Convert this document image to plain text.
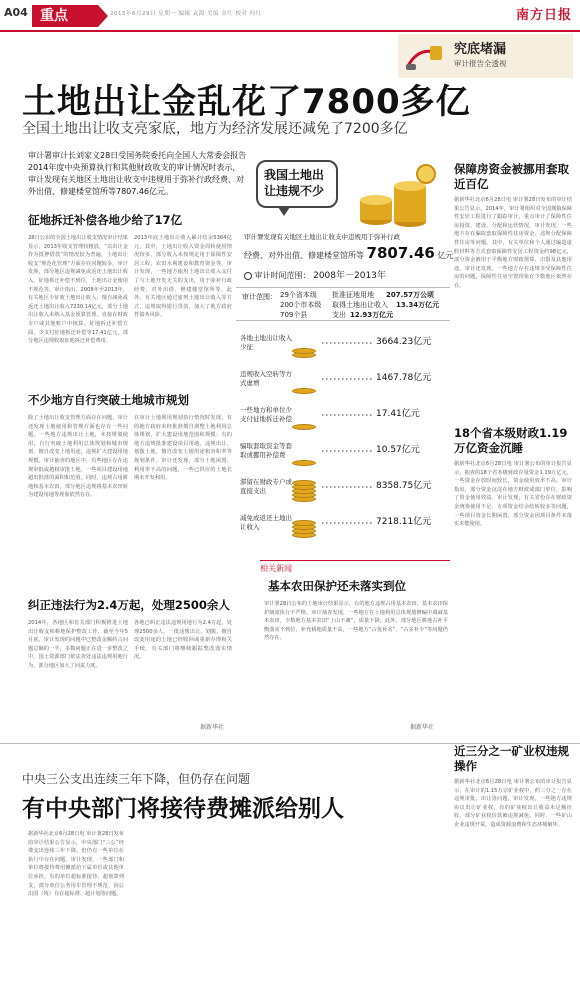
A04 重点	2015年6月29日 星期一 编辑 袁海 美编 金红 校对 何红	南方日报
究底堵漏
审计报告全透视
土地出让金乱花了7800多亿
全国土地出让收支亮家底，地方为经济发展还减免了7200多亿
审计署审计长刘家义28日受国务院委托向全国人大常委会报告2014年度中央预算执行和其他财政收支的审计情况时表示，审计发现有关地区土地出让收支中违规用于弥补行政经费、对外出借、修建楼堂馆所等7807.46亿元。
征地拆迁补偿各地少给了17亿
28日公布的全国土地出让收支情况审计结果显示，2013年收支管理较粗放，“以出让金作为抵押借款”的情况较为普遍，土地出让收支“规范化管理”方面存在问题较多。审计发现，部分地区违规减免或返还土地出让收入，征地拆迁补偿不到位，土地出让金使用不规范等。审计指出，2008年至2013年，有关地区少征收土地出让收入，擅自减免或返还土地出让收入7230.14亿元，部分土地出让收入未纳入基金预算管理，直接在财政专户或其他账户中核算。征地拆迁补偿方面，少支付征地拆迁补偿等17.41亿元，部分地区违规收取征地拆迁补偿费用。
2013年底土地出让收入累计结余5364亿元，其中，土地出让收入资金周转使用情况较多，部分收入未按规定用于保障性安居工程、农田水利建设和教育资金等。审计发现，一些地方使用土地出让收入支付了与土地开发无关的支出，用于弥补行政经费、对外出借、修建楼堂馆所等。此外，有关地区通过虚列土地出让收入等方式，违规取得银行贷款，加大了地方政府性债务风险。
不少地方自行突破土地城市规划
除了土地出让收支管理方面存在问题，审计还发现土地使用和管理方面也存在一些问题。一些地方违规出让土地，未按规划使用，自行突破土地利用总体规划和城市规划，擅自改变土地用途，违规扩大建设用地规模。审计抽查的地区中，有些地区存在违规审批或越权审批土地，一些项目建设用地超出批准的面积和范围。同时，违规占用耕地和基本农田，部分地区违规将基本农田转为建设用地等现象依然存在。
在审计土地利用规划执行情况时发现，有的地方政府未经批准擅自调整土地利用总体规划，扩大建设用地范围和规模；有的地方违规批准建设项目用地，违规出让、划拨土地，擅自改变土地用途和容积率等规划条件。审计还发现，部分土地闲置、利用率不高的问题，一些已供应的土地长期未开发利用。
纠正违法行为2.4万起，处理2500余人
2014年，各地区和有关部门积极推进土地出让收支和耕地保护整改工作，截至今年5月底，审计发现的问题中已整改金额约占问题总额的一半，多数问题正在进一步整改之中。国土资源部门依法查处违法违规用地行为，部分地区加大了问责力度。
各地已纠正违法违规用地行为2.4万起，处理2500余人，一批违规出让、划拨、擅自改变用途的土地已经收回或重新办理相关手续，有关部门将继续跟踪整改落实情况。
据新华社
我国土地出让违规不少
审计署发现有关地区土地出让收支中违规用于弥补行政
经费、对外出借、修建楼堂馆所等 7807.46 亿元
审计时间范围： 2008年－2013年
审计范围： 29个省本级
200个市本级
709个县
批准征地用地 207.57万公顷
取得土地出让收入 13.34万亿元
支出 12.93万亿元
各地土地出让收入少征	3664.23亿元
违规收入空转等方式虚增	1467.78亿元
一些地方和单位少支付征地拆迁补偿	17.41亿元
骗取套取资金等套取或挪用补偿费	10.57亿元
滞留在财政专户或直接支出	8358.75亿元
减免或返还土地出让收入	7218.11亿元
相关新闻
基本农田保护还未落实到位
审计署28日公布的土地审计结果显示，有的地方违规占用基本农田，基本农田保护制度执行不严格。审计抽查发现，一些地方在土地利用总体规划修编中调减基本农田，少数地方基本农田“上山下滩”，质量下降。此外，部分地区耕地占补平衡落实不到位，补充耕地质量不高，一些地方“占优补劣”、“占多补少”等问题仍然存在。
据新华社
保障房资金被挪用套取近百亿
据新华社北京6月28日电 审计署28日发布的审计结果公告显示，2014年，审计署组织对全国城镇保障性安居工程进行了跟踪审计，重点审计了保障性住房投资、建设、分配和运营情况。审计发现，一些地方存在骗取套取保障性住房资金、违规分配保障性住房等问题。其中，有关单位和个人通过编造虚假材料等方式套取保障性安居工程资金约98亿元，部分资金被用于平衡地方财政预算、出借及其他用途。审计还发现，一些地方存在违规享受保障性住房的问题，保障性住房空置现象在少数地区依然存在。
18个省本级财政1.19万亿资金沉睡
据新华社北京6月28日电 审计署公布的审计报告显示，抽查的18个省本级财政存量资金1.19万亿元，一些资金存放时间较长，资金使用效率不高。审计指出，部分资金沉淀在地方财政或部门单位，影响了资金使用效益。审计发现，有关省份存在财政资金统筹使用不足、专项资金结余结转较多等问题，一些项目资金长期闲置，部分资金因项目条件未落实未能使用。
近三分之一矿业权违规操作
据新华社北京6月28日电 审计署公布的审计报告显示，在审计的1.15万宗矿业权中，约三分之一存在违规审批、出让等问题。审计发现，一些地方违规协议出让矿业权，有的矿业权出让收益未足额征收，部分矿业权价款被违规减免。同时，一些矿山企业违规开采，造成资源浪费和生态环境破坏。
中央三公支出连续三年下降，但仍存在问题
有中央部门将接待费摊派给别人
据新华社北京6月28日电 审计署28日发布的审计结果公告显示，中央部门“三公”经费支出连续三年下降，但仍有一些单位在执行中存在问题。审计发现，一些部门和单位将接待费用摊派给下属单位或其他单位承担，有的单位超标准接待、超预算列支，部分单位公务用车管理不规范，因公出国（境）存在超标准、超计划等问题。
